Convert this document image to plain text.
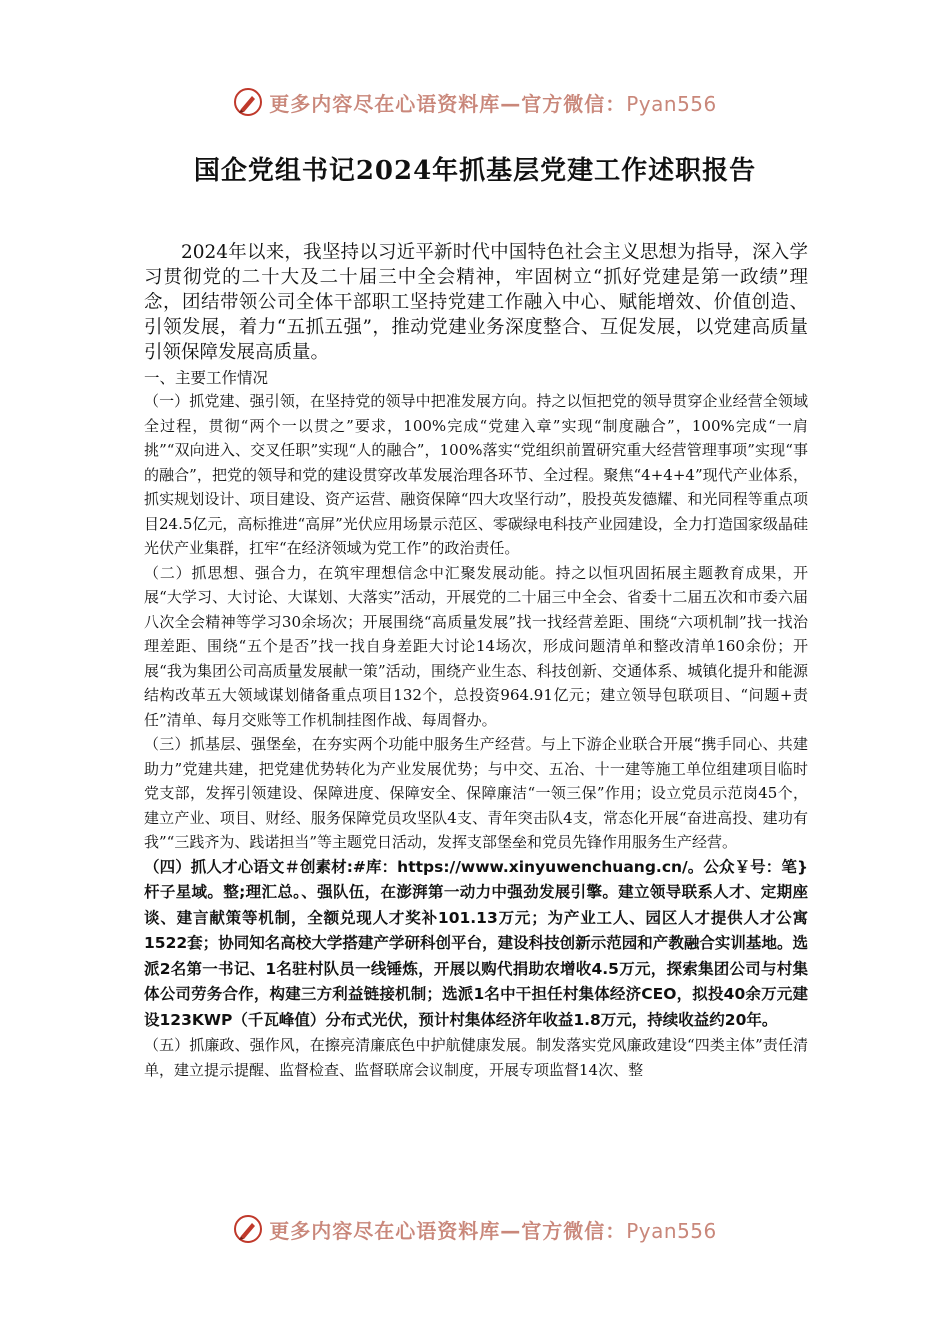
更多内容尽在心语资料库—官方微信：Pyan556
国企党组书记2024年抓基层党建工作述职报告

2024年以来，我坚持以习近平新时代中国特色社会主义思想为指导，深入学习贯彻党的二十大及二十届三中全会精神，牢固树立“抓好党建是第一政绩”理念，团结带领公司全体干部职工坚持党建工作融入中心、赋能增效、价值创造、引领发展，着力“五抓五强”，推动党建业务深度整合、互促发展，以党建高质量引领保障发展高质量。

一、主要工作情况

（一）抓党建、强引领，在坚持党的领导中把准发展方向。持之以恒把党的领导贯穿企业经营全领域全过程，贯彻“两个一以贯之”要求，100%完成“党建入章”实现“制度融合”，100%完成“一肩挑”“双向进入、交叉任职”实现“人的融合”，100%落实“党组织前置研究重大经营管理事项”实现“事的融合”，把党的领导和党的建设贯穿改革发展治理各环节、全过程。聚焦“4+4+4”现代产业体系，抓实规划设计、项目建设、资产运营、融资保障“四大攻坚行动”，股投英发德耀、和光同程等重点项目24.5亿元，高标推进“高屏”光伏应用场景示范区、零碳绿电科技产业园建设，全力打造国家级晶硅光伏产业集群，扛牢“在经济领域为党工作”的政治责任。

（二）抓思想、强合力，在筑牢理想信念中汇聚发展动能。持之以恒巩固拓展主题教育成果，开展“大学习、大讨论、大谋划、大落实”活动，开展党的二十届三中全会、省委十二届五次和市委六届八次全会精神等学习30余场次；开展围绕“高质量发展”找一找经营差距、围绕“六项机制”找一找治理差距、围绕“五个是否”找一找自身差距大讨论14场次，形成问题清单和整改清单160余份；开展“我为集团公司高质量发展献一策”活动，围绕产业生态、科技创新、交通体系、城镇化提升和能源结构改革五大领域谋划储备重点项目132个，总投资964.91亿元；建立领导包联项目、“问题+责任”清单、每月交账等工作机制挂图作战、每周督办。

（三）抓基层、强堡垒，在夯实两个功能中服务生产经营。与上下游企业联合开展“携手同心、共建助力”党建共建，把党建优势转化为产业发展优势；与中交、五冶、十一建等施工单位组建项目临时党支部，发挥引领建设、保障进度、保障安全、保障廉洁“一领三保”作用；设立党员示范岗45个，建立产业、项目、财经、服务保障党员攻坚队4支、青年突击队4支，常态化开展“奋进高投、建功有我”“三践齐为、践诺担当”等主题党日活动，发挥支部堡垒和党员先锋作用服务生产经营。

（四）抓人才心语文＃创素材:#库：https://www.xinyuwenchuang.cn/。公众￥号：笔}杆子星域。整;理汇总。、强队伍，在澎湃第一动力中强劲发展引擎。建立领导联系人才、定期座谈、建言献策等机制，全额兑现人才奖补101.13万元；为产业工人、园区人才提供人才公寓1522套；协同知名高校大学搭建产学研科创平台，建设科技创新示范园和产教融合实训基地。选派2名第一书记、1名驻村队员一线锤炼，开展以购代捐助农增收4.5万元，探索集团公司与村集体公司劳务合作，构建三方利益链接机制；选派1名中干担任村集体经济CEO，拟投40余万元建设123KWP（千瓦峰值）分布式光伏，预计村集体经济年收益1.8万元，持续收益约20年。

（五）抓廉政、强作风，在擦亮清廉底色中护航健康发展。制发落实党风廉政建设“四类主体”责任清单，建立提示提醒、监督检查、监督联席会议制度，开展专项监督14次、整

更多内容尽在心语资料库—官方微信：Pyan556
